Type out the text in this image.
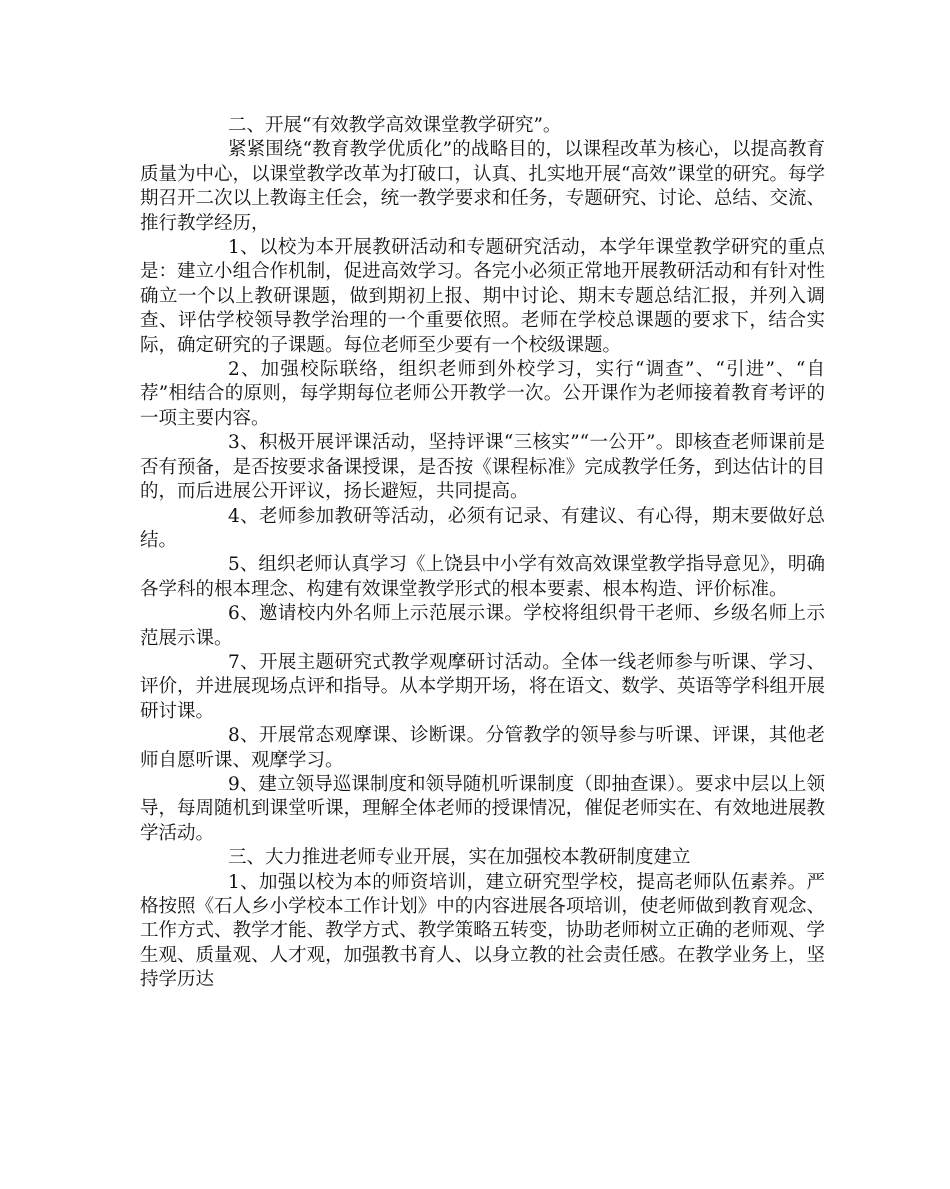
二、开展“有效教学高效课堂教学研究”。

紧紧围绕“教育教学优质化”的战略目的，以课程改革为核心，以提高教育质量为中心，以课堂教学改革为打破口，认真、扎实地开展“高效”课堂的研究。每学期召开二次以上教诲主任会，统一教学要求和任务，专题研究、讨论、总结、交流、推行教学经历，

1、以校为本开展教研活动和专题研究活动，本学年课堂教学研究的重点是：建立小组合作机制，促进高效学习。各完小必须正常地开展教研活动和有针对性确立一个以上教研课题，做到期初上报、期中讨论、期末专题总结汇报，并列入调查、评估学校领导教学治理的一个重要依照。老师在学校总课题的要求下，结合实际，确定研究的子课题。每位老师至少要有一个校级课题。

2、加强校际联络，组织老师到外校学习，实行“调查”、“引进”、“自荐”相结合的原则，每学期每位老师公开教学一次。公开课作为老师接着教育考评的一项主要内容。

3、积极开展评课活动，坚持评课“三核实”“一公开”。即核查老师课前是否有预备，是否按要求备课授课，是否按《课程标准》完成教学任务，到达估计的目的，而后进展公开评议，扬长避短，共同提高。

4、老师参加教研等活动，必须有记录、有建议、有心得，期末要做好总结。

5、组织老师认真学习《上饶县中小学有效高效课堂教学指导意见》，明确各学科的根本理念、构建有效课堂教学形式的根本要素、根本构造、评价标准。

6、邀请校内外名师上示范展示课。学校将组织骨干老师、乡级名师上示范展示课。

7、开展主题研究式教学观摩研讨活动。全体一线老师参与听课、学习、评价，并进展现场点评和指导。从本学期开场，将在语文、数学、英语等学科组开展研讨课。

8、开展常态观摩课、诊断课。分管教学的领导参与听课、评课，其他老师自愿听课、观摩学习。

9、建立领导巡课制度和领导随机听课制度（即抽查课）。要求中层以上领导，每周随机到课堂听课，理解全体老师的授课情况，催促老师实在、有效地进展教学活动。

三、大力推进老师专业开展，实在加强校本教研制度建立

1、加强以校为本的师资培训，建立研究型学校，提高老师队伍素养。严格按照《石人乡小学校本工作计划》中的内容进展各项培训，使老师做到教育观念、工作方式、教学才能、教学方式、教学策略五转变，协助老师树立正确的老师观、学生观、质量观、人才观，加强教书育人、以身立教的社会责任感。在教学业务上，坚持学历达
